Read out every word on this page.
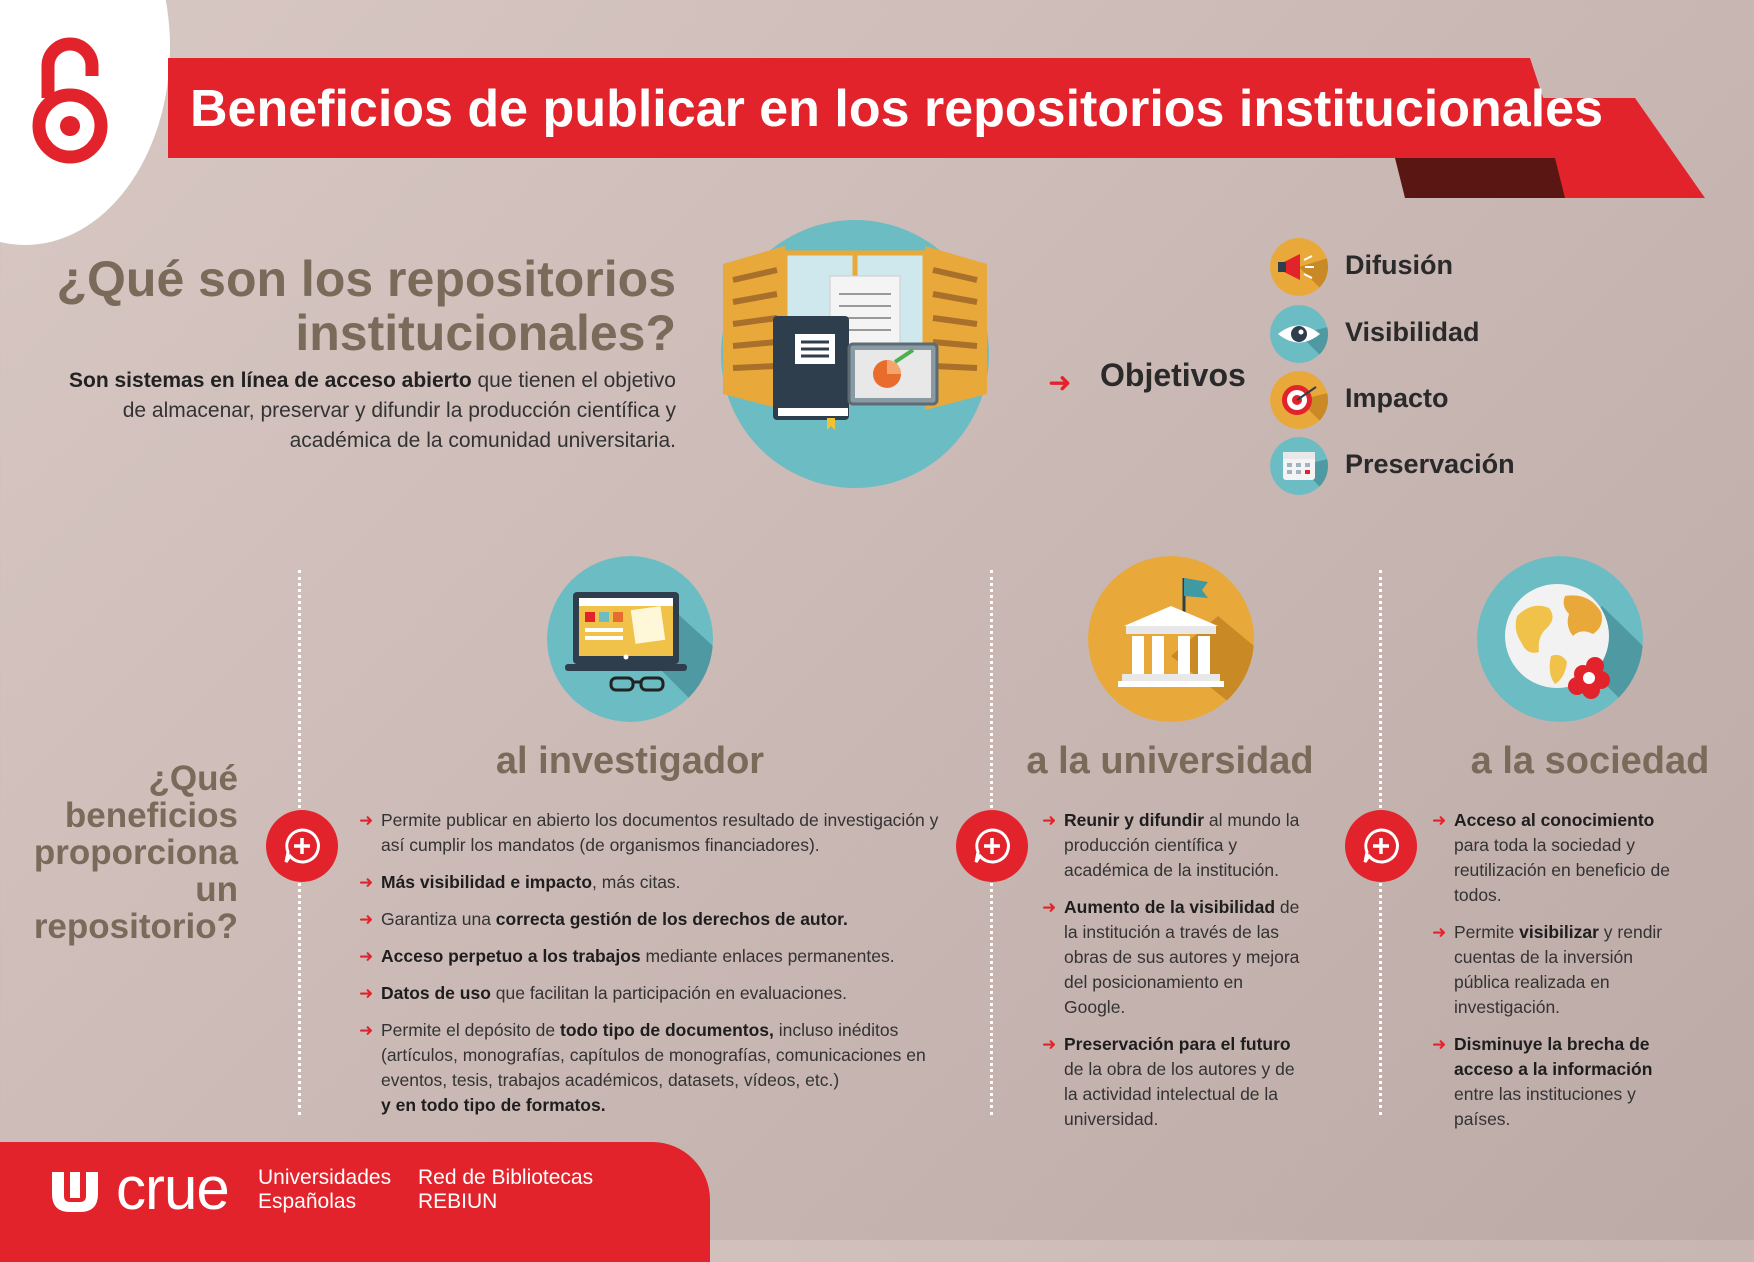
Beneficios de publicar en los repositorios institucionales
¿Qué son los repositorios institucionales?
Son sistemas en línea de acceso abierto que tienen el objetivo de almacenar, preservar y difundir la producción científica y académica de la comunidad universitaria.
➜ Objetivos
Difusión
Visibilidad
Impacto
Preservación
¿Qué beneficios proporciona un repositorio?
al investigador	a la universidad	a la sociedad
➜ Permite publicar en abierto los documentos resultado de investigación y así cumplir los mandatos (de organismos financiadores).
➜ Más visibilidad e impacto, más citas.
➜ Garantiza una correcta gestión de los derechos de autor.
➜ Acceso perpetuo a los trabajos mediante enlaces permanentes.
➜ Datos de uso que facilitan la participación en evaluaciones.
➜ Permite el depósito de todo tipo de documentos, incluso inéditos (artículos, monografías, capítulos de monografías, comunicaciones en eventos, tesis, trabajos académicos, datasets, vídeos, etc.)
y en todo tipo de formatos.
➜ Reunir y difundir al mundo la producción científica y académica de la institución.
➜ Aumento de la visibilidad de la institución a través de las obras de sus autores y mejora del posicionamiento en Google.
➜ Preservación para el futuro de la obra de los autores y de la actividad intelectual de la universidad.
➜ Acceso al conocimiento para toda la sociedad y reutilización en beneficio de todos.
➜ Permite visibilizar y rendir cuentas de la inversión pública realizada en investigación.
➜ Disminuye la brecha de acceso a la información entre las instituciones y países.
crue Universidades
Españolas
Red de Bibliotecas
REBIUN
